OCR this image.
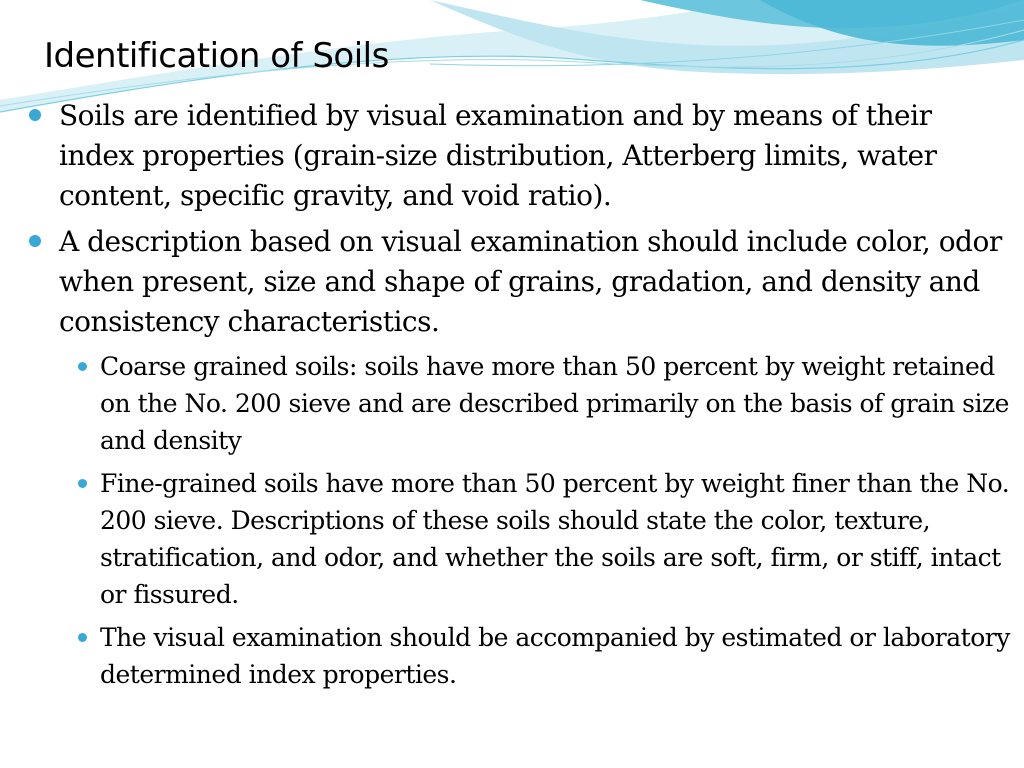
Identification of Soils

Soils are identified by visual examination and by means of their index properties (grain-size distribution, Atterberg limits, water content, specific gravity, and void ratio).

A description based on visual examination should include color, odor when present, size and shape of grains, gradation, and density and consistency characteristics.

Coarse grained soils: soils have more than 50 percent by weight retained on the No. 200 sieve and are described primarily on the basis of grain size and density

Fine-grained soils have more than 50 percent by weight finer than the No. 200 sieve. Descriptions of these soils should state the color, texture, stratification, and odor, and whether the soils are soft, firm, or stiff, intact or fissured.

The visual examination should be accompanied by estimated or laboratory determined index properties.
